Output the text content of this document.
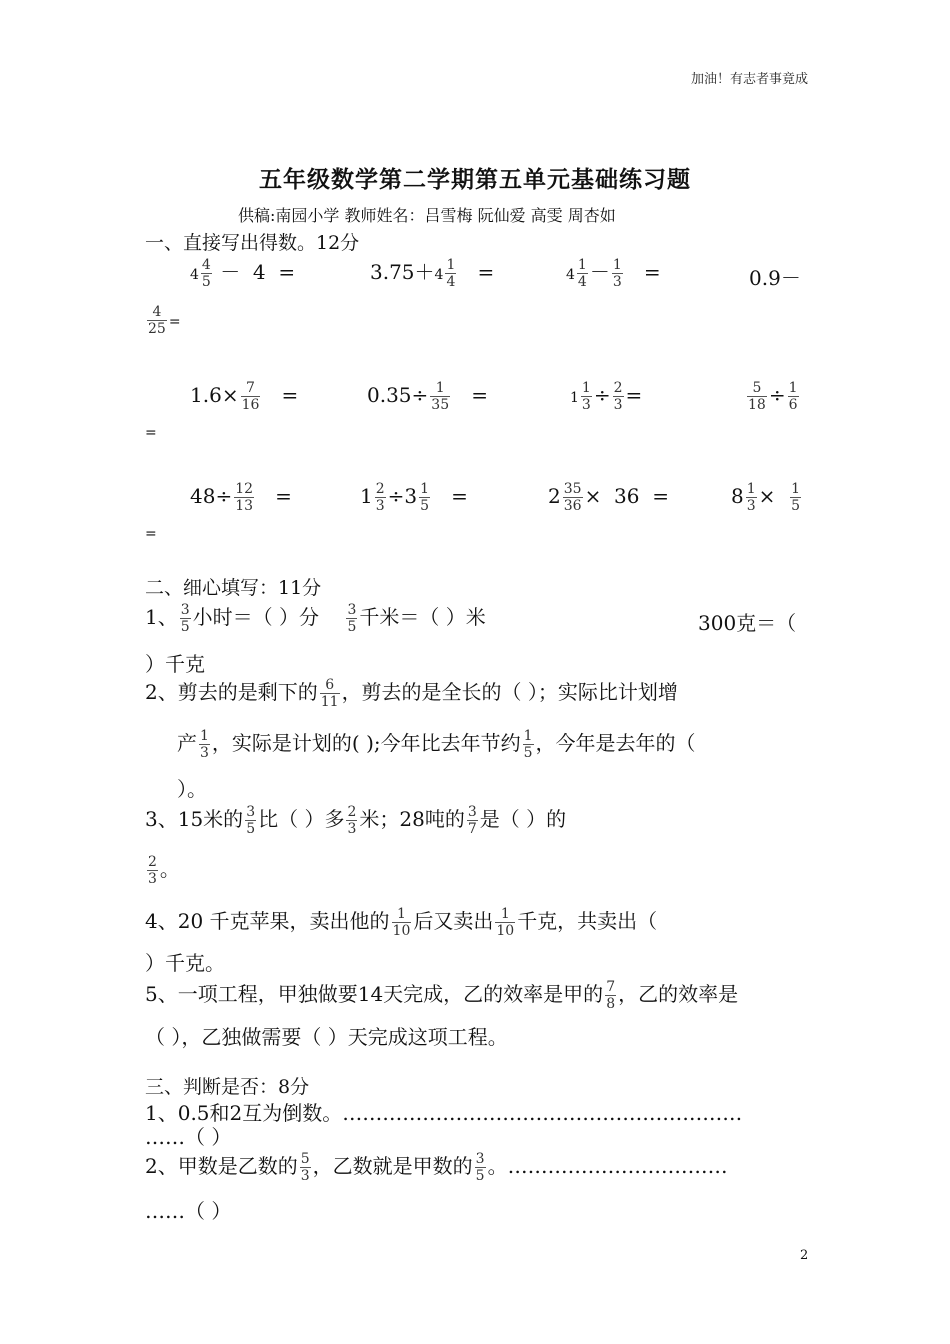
加油！有志者事竟成
五年级数学第二学期第五单元基础练习题
供稿:南园小学 教师姓名：吕雪梅 阮仙爱 高雯 周杏如
一、直接写出得数。12分
$4 \frac{4}{5} - 4$ =	$3.75+4 \frac{1}{4}$ =	$4 \frac{1}{4} - \frac{1}{3}$ =	0.9－
$\frac{4}{25}$ =
$1.6\times \frac{7}{16}$ =	$0.35\div \frac{1}{35}$ =	$1 \frac{1}{3} \div \frac{2}{3}$ =	$\frac{5}{18} \div \frac{1}{6}$
=
$48\div \frac{12}{13}$ =	$1 \frac{2}{3} \div 3 \frac{1}{5}$ =	$2 \frac{35}{36} \times 36$ =	$8 \frac{1}{3} \times \frac{1}{5}$
=
二、细心填写：11分
1、 $\frac{3}{5}$ 小时＝（ ）分 $\frac{3}{5}$ 千米＝（ ）米	300克＝（
）千克
2、剪去的是剩下的 $\frac{6}{11}$ ，剪去的是全长的（ ）；实际比计划增
产 $\frac{1}{3}$ ，实际是计划的( );今年比去年节约 $\frac{1}{5}$ ，今年是去年的（
）。
3、15米的 $\frac{3}{5}$ 比（ ）多 $\frac{2}{3}$ 米；28吨的 $\frac{3}{7}$ 是（ ）的
$\frac{2}{3}$ 。
4、20 千克苹果，卖出他的 $\frac{1}{10}$ 后又卖出 $\frac{1}{10}$ 千克，共卖出（
）千克。
5、一项工程，甲独做要14天完成，乙的效率是甲的 $\frac{7}{8}$ ，乙的效率是
（ ），乙独做需要（ ）天完成这项工程。
三、判断是否：8分
1、0.5和2互为倒数。……………………………………………………
……（ ）
2、甲数是乙数的 $\frac{5}{3}$ ，乙数就是甲数的 $\frac{3}{5}$ 。……………………………
……（ ）
2
